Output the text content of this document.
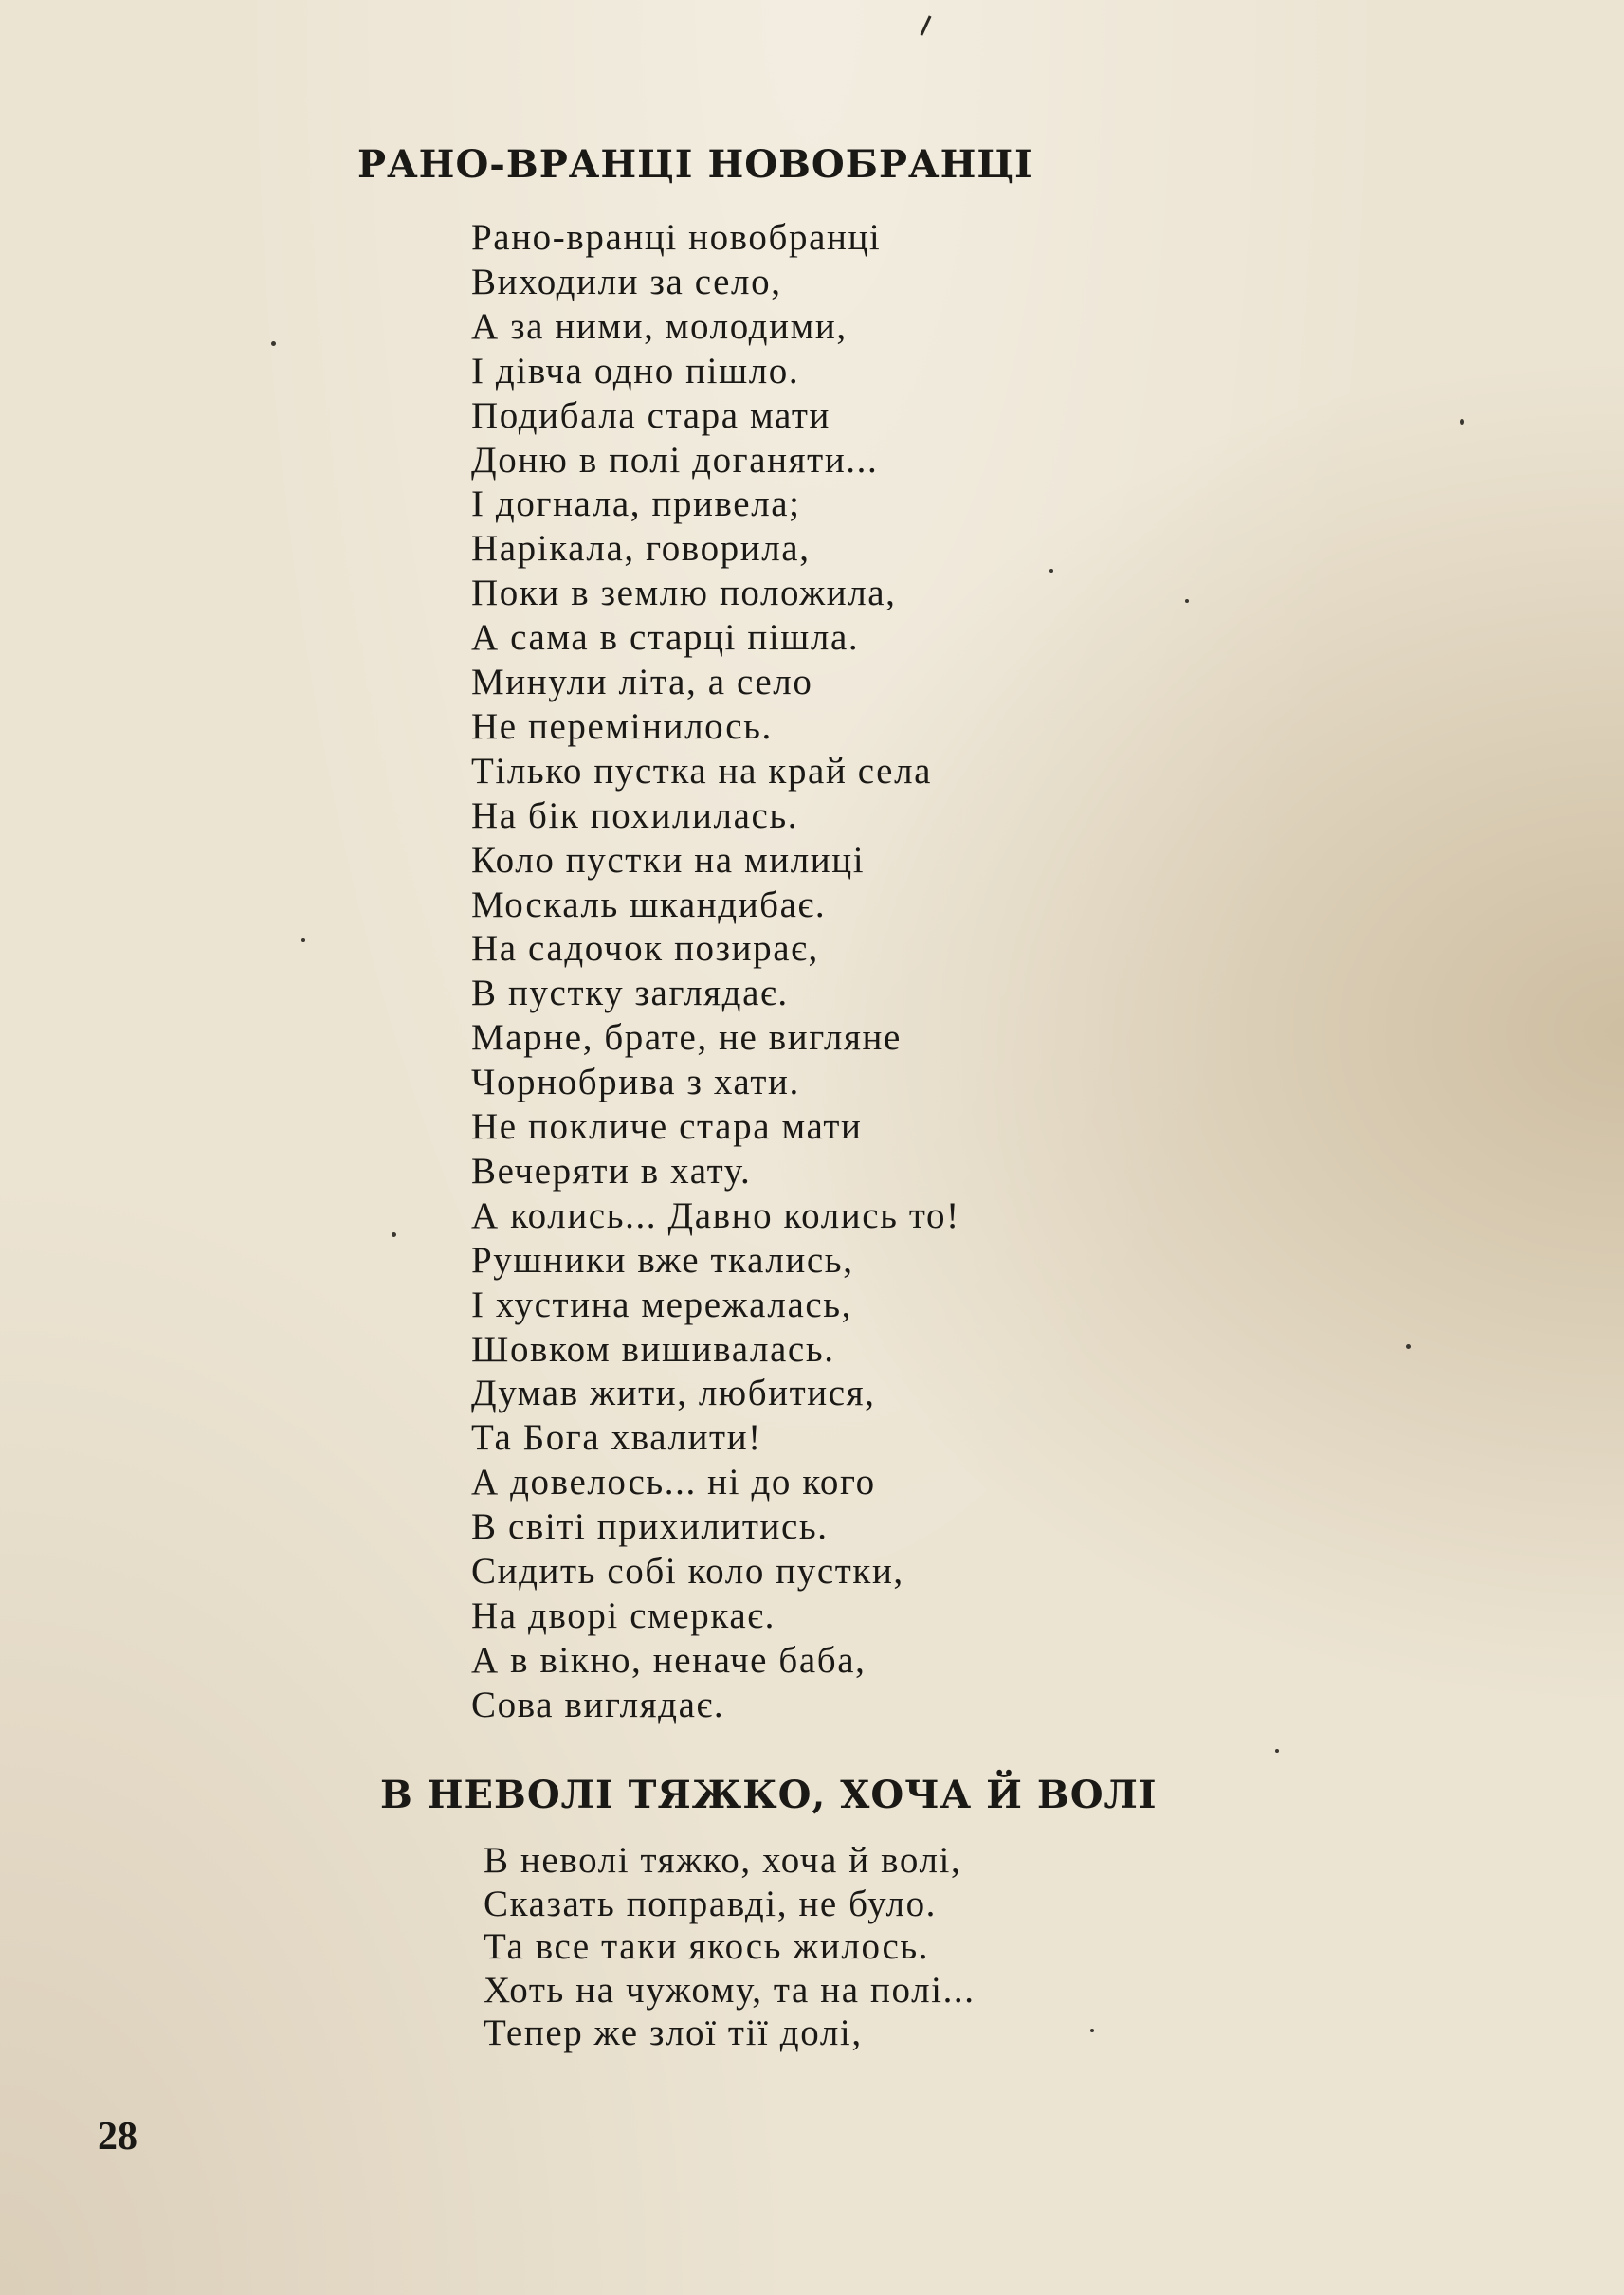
РАНО-ВРАНЦІ НОВОБРАНЦІ
Рано-вранці новобранці
Виходили за село,
А за ними, молодими,
І дівча одно пішло.
Подибала стара мати
Доню в полі доганяти...
І догнала, привела;
Нарікала, говорила,
Поки в землю положила,
А сама в старці пішла.
Минули літа, а село
Не перемінилось.
Тілько пустка на край села
На бік похилилась.
Коло пустки на милиці
Москаль шкандибає.
На садочок позирає,
В пустку заглядає.
Марне, брате, не вигляне
Чорнобрива з хати.
Не покличе стара мати
Вечеряти в хату.
А колись... Давно колись то!
Рушники вже ткались,
І хустина мережалась,
Шовком вишивалась.
Думав жити, любитися,
Та Бога хвалити!
А довелось... ні до кого
В світі прихилитись.
Сидить собі коло пустки,
На дворі смеркає.
А в вікно, неначе баба,
Сова виглядає.
В НЕВОЛІ ТЯЖКО, ХОЧА Й ВОЛІ
В неволі тяжко, хоча й волі,
Сказать поправді, не було.
Та все таки якось жилось.
Хоть на чужому, та на полі...
Тепер же злої тії долі,
28
